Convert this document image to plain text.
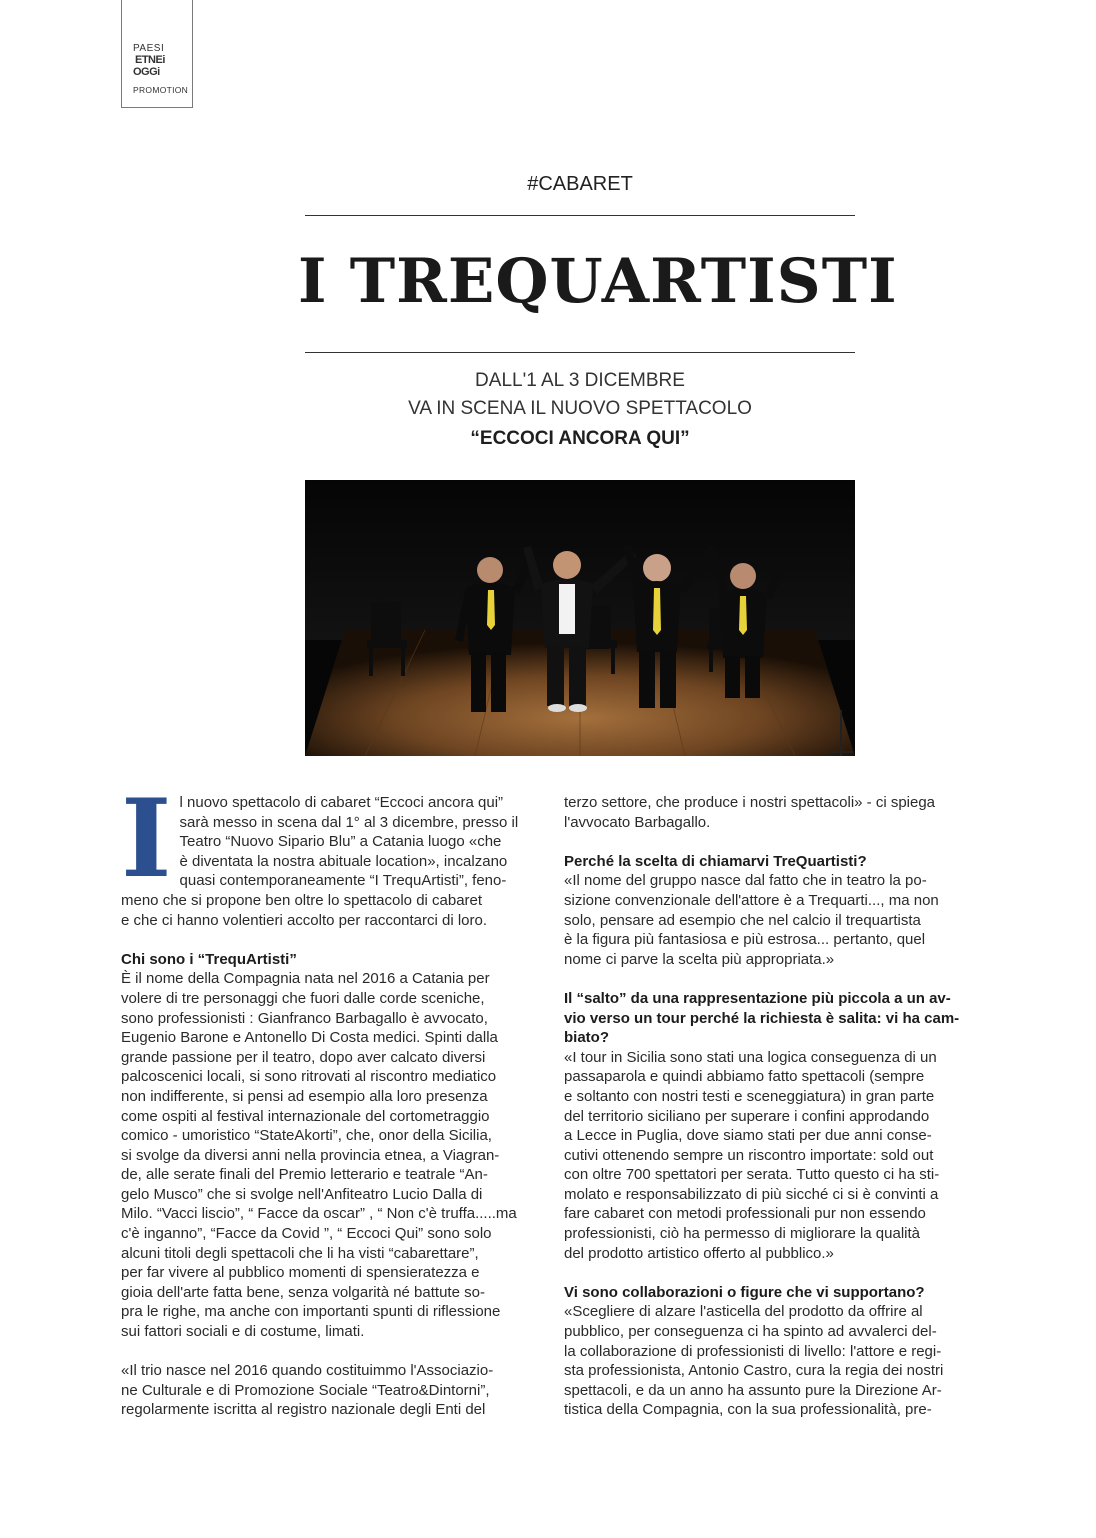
PAESI
ETNEi
OGGi
PROMOTION
#CABARET
I TREQUARTISTI
DALL'1 AL 3 DICEMBRE
VA IN SCENA IL NUOVO SPETTACOLO
“ECCOCI ANCORA QUI”
I l nuovo spettacolo di cabaret “Eccoci ancora qui”
sarà messo in scena dal 1° al 3 dicembre, presso il
Teatro “Nuovo Sipario Blu” a Catania luogo «che
è diventata la nostra abituale location», incalzano
quasi contemporaneamente “I TrequArtisti”, feno-
meno che si propone ben oltre lo spettacolo di cabaret
e che ci hanno volentieri accolto per raccontarci di loro.
Chi sono i “TrequArtisti”
È il nome della Compagnia nata nel 2016 a Catania per
volere di tre personaggi che fuori dalle corde sceniche,
sono professionisti : Gianfranco Barbagallo è avvocato,
Eugenio Barone e Antonello Di Costa medici. Spinti dalla
grande passione per il teatro, dopo aver calcato diversi
palcoscenici locali, si sono ritrovati al riscontro mediatico
non indifferente, si pensi ad esempio alla loro presenza
come ospiti al festival internazionale del cortometraggio
comico - umoristico “StateAkorti”, che, onor della Sicilia,
si svolge da diversi anni nella provincia etnea, a Viagran-
de, alle serate finali del Premio letterario e teatrale “An-
gelo Musco” che si svolge nell'Anfiteatro Lucio Dalla di
Milo. “Vacci liscio”, “ Facce da oscar” , “ Non c'è truffa.....ma
c'è inganno”, “Facce da Covid ”, “ Eccoci Qui” sono solo
alcuni titoli degli spettacoli che li ha visti “cabarettare”,
per far vivere al pubblico momenti di spensieratezza e
gioia dell'arte fatta bene, senza volgarità né battute so-
pra le righe, ma anche con importanti spunti di riflessione
sui fattori sociali e di costume, limati.
«Il trio nasce nel 2016 quando costituimmo l'Associazio-
ne Culturale e di Promozione Sociale “Teatro&Dintorni”,
regolarmente iscritta al registro nazionale degli Enti del
terzo settore, che produce i nostri spettacoli» - ci spiega
l'avvocato Barbagallo.
Perché la scelta di chiamarvi TreQuartisti?
«Il nome del gruppo nasce dal fatto che in teatro la po-
sizione convenzionale dell'attore è a Trequarti..., ma non
solo, pensare ad esempio che nel calcio il trequartista
è la figura più fantasiosa e più estrosa... pertanto, quel
nome ci parve la scelta più appropriata.»
Il “salto” da una rappresentazione più piccola a un av-
vio verso un tour perché la richiesta è salita: vi ha cam-
biato?
«I tour in Sicilia sono stati una logica conseguenza di un
passaparola e quindi abbiamo fatto spettacoli (sempre
e soltanto con nostri testi e sceneggiatura) in gran parte
del territorio siciliano per superare i confini approdando
a Lecce in Puglia, dove siamo stati per due anni conse-
cutivi ottenendo sempre un riscontro importate: sold out
con oltre 700 spettatori per serata. Tutto questo ci ha sti-
molato e responsabilizzato di più sicché ci si è convinti a
fare cabaret con metodi professionali pur non essendo
professionisti, ciò ha permesso di migliorare la qualità
del prodotto artistico offerto al pubblico.»
Vi sono collaborazioni o figure che vi supportano?
«Scegliere di alzare l'asticella del prodotto da offrire al
pubblico, per conseguenza ci ha spinto ad avvalerci del-
la collaborazione di professionisti di livello: l'attore e regi-
sta professionista, Antonio Castro, cura la regia dei nostri
spettacoli, e da un anno ha assunto pure la Direzione Ar-
tistica della Compagnia, con la sua professionalità, pre-
